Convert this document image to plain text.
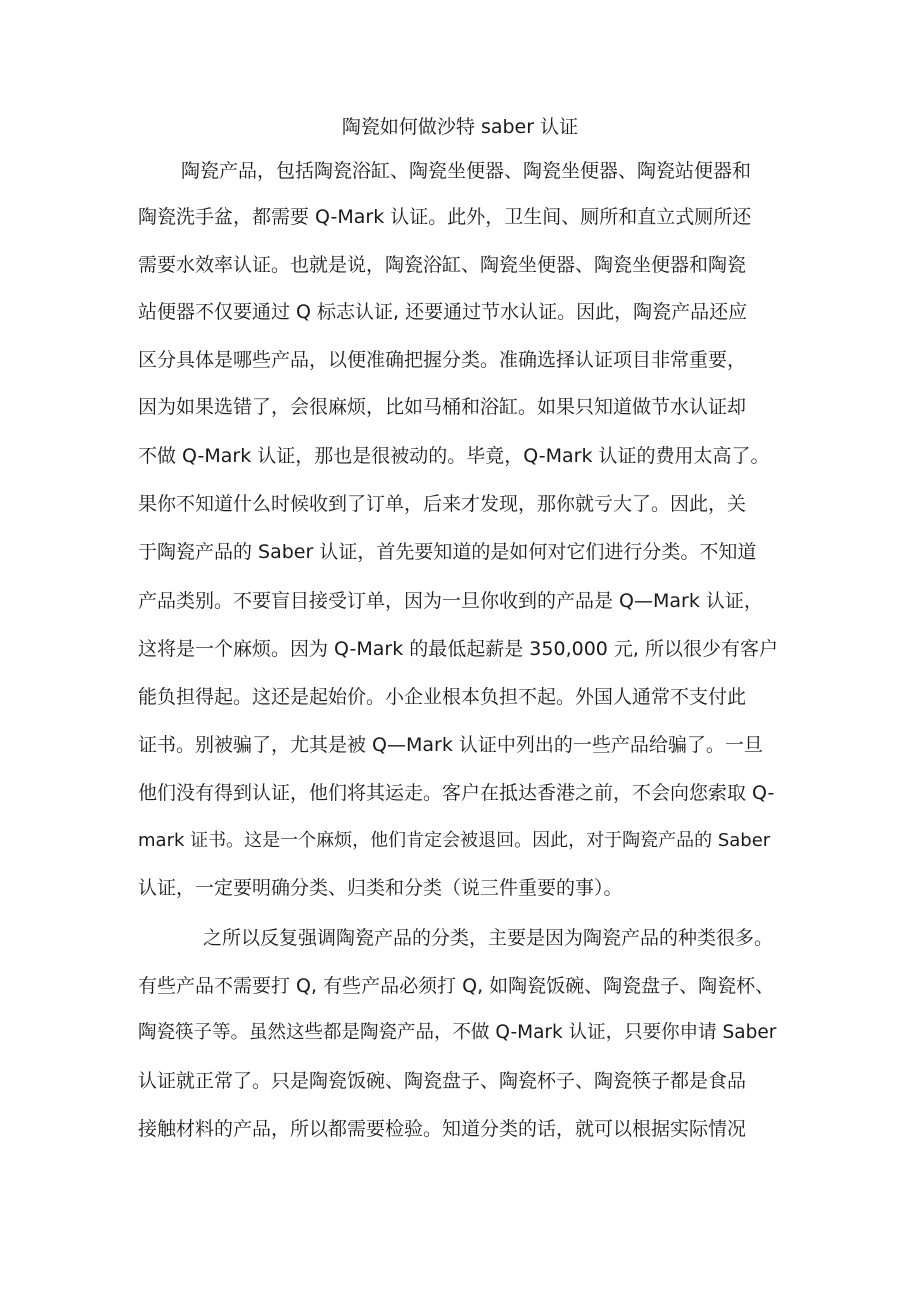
陶瓷如何做沙特 saber 认证

陶瓷产品，包括陶瓷浴缸、陶瓷坐便器、陶瓷坐便器、陶瓷站便器和

陶瓷洗手盆，都需要 Q-Mark 认证。此外，卫生间、厕所和直立式厕所还

需要水效率认证。也就是说，陶瓷浴缸、陶瓷坐便器、陶瓷坐便器和陶瓷

站便器不仅要通过 Q 标志认证, 还要通过节水认证。因此，陶瓷产品还应

区分具体是哪些产品，以便准确把握分类。准确选择认证项目非常重要，

因为如果选错了，会很麻烦，比如马桶和浴缸。如果只知道做节水认证却

不做 Q-Mark 认证，那也是很被动的。毕竟，Q-Mark 认证的费用太高了。

果你不知道什么时候收到了订单，后来才发现，那你就亏大了。因此，关

于陶瓷产品的 Saber 认证，首先要知道的是如何对它们进行分类。不知道

产品类别。不要盲目接受订单，因为一旦你收到的产品是 Q—Mark 认证，

这将是一个麻烦。因为 Q-Mark 的最低起薪是 350,000 元, 所以很少有客户

能负担得起。这还是起始价。小企业根本负担不起。外国人通常不支付此

证书。别被骗了，尤其是被 Q—Mark 认证中列出的一些产品给骗了。一旦

他们没有得到认证，他们将其运走。客户在抵达香港之前，不会向您索取 Q-

mark 证书。这是一个麻烦，他们肯定会被退回。因此，对于陶瓷产品的 Saber

认证，一定要明确分类、归类和分类（说三件重要的事）。

之所以反复强调陶瓷产品的分类，主要是因为陶瓷产品的种类很多。

有些产品不需要打 Q, 有些产品必须打 Q, 如陶瓷饭碗、陶瓷盘子、陶瓷杯、

陶瓷筷子等。虽然这些都是陶瓷产品，不做 Q-Mark 认证，只要你申请 Saber

认证就正常了。只是陶瓷饭碗、陶瓷盘子、陶瓷杯子、陶瓷筷子都是食品

接触材料的产品，所以都需要检验。知道分类的话，就可以根据实际情况
